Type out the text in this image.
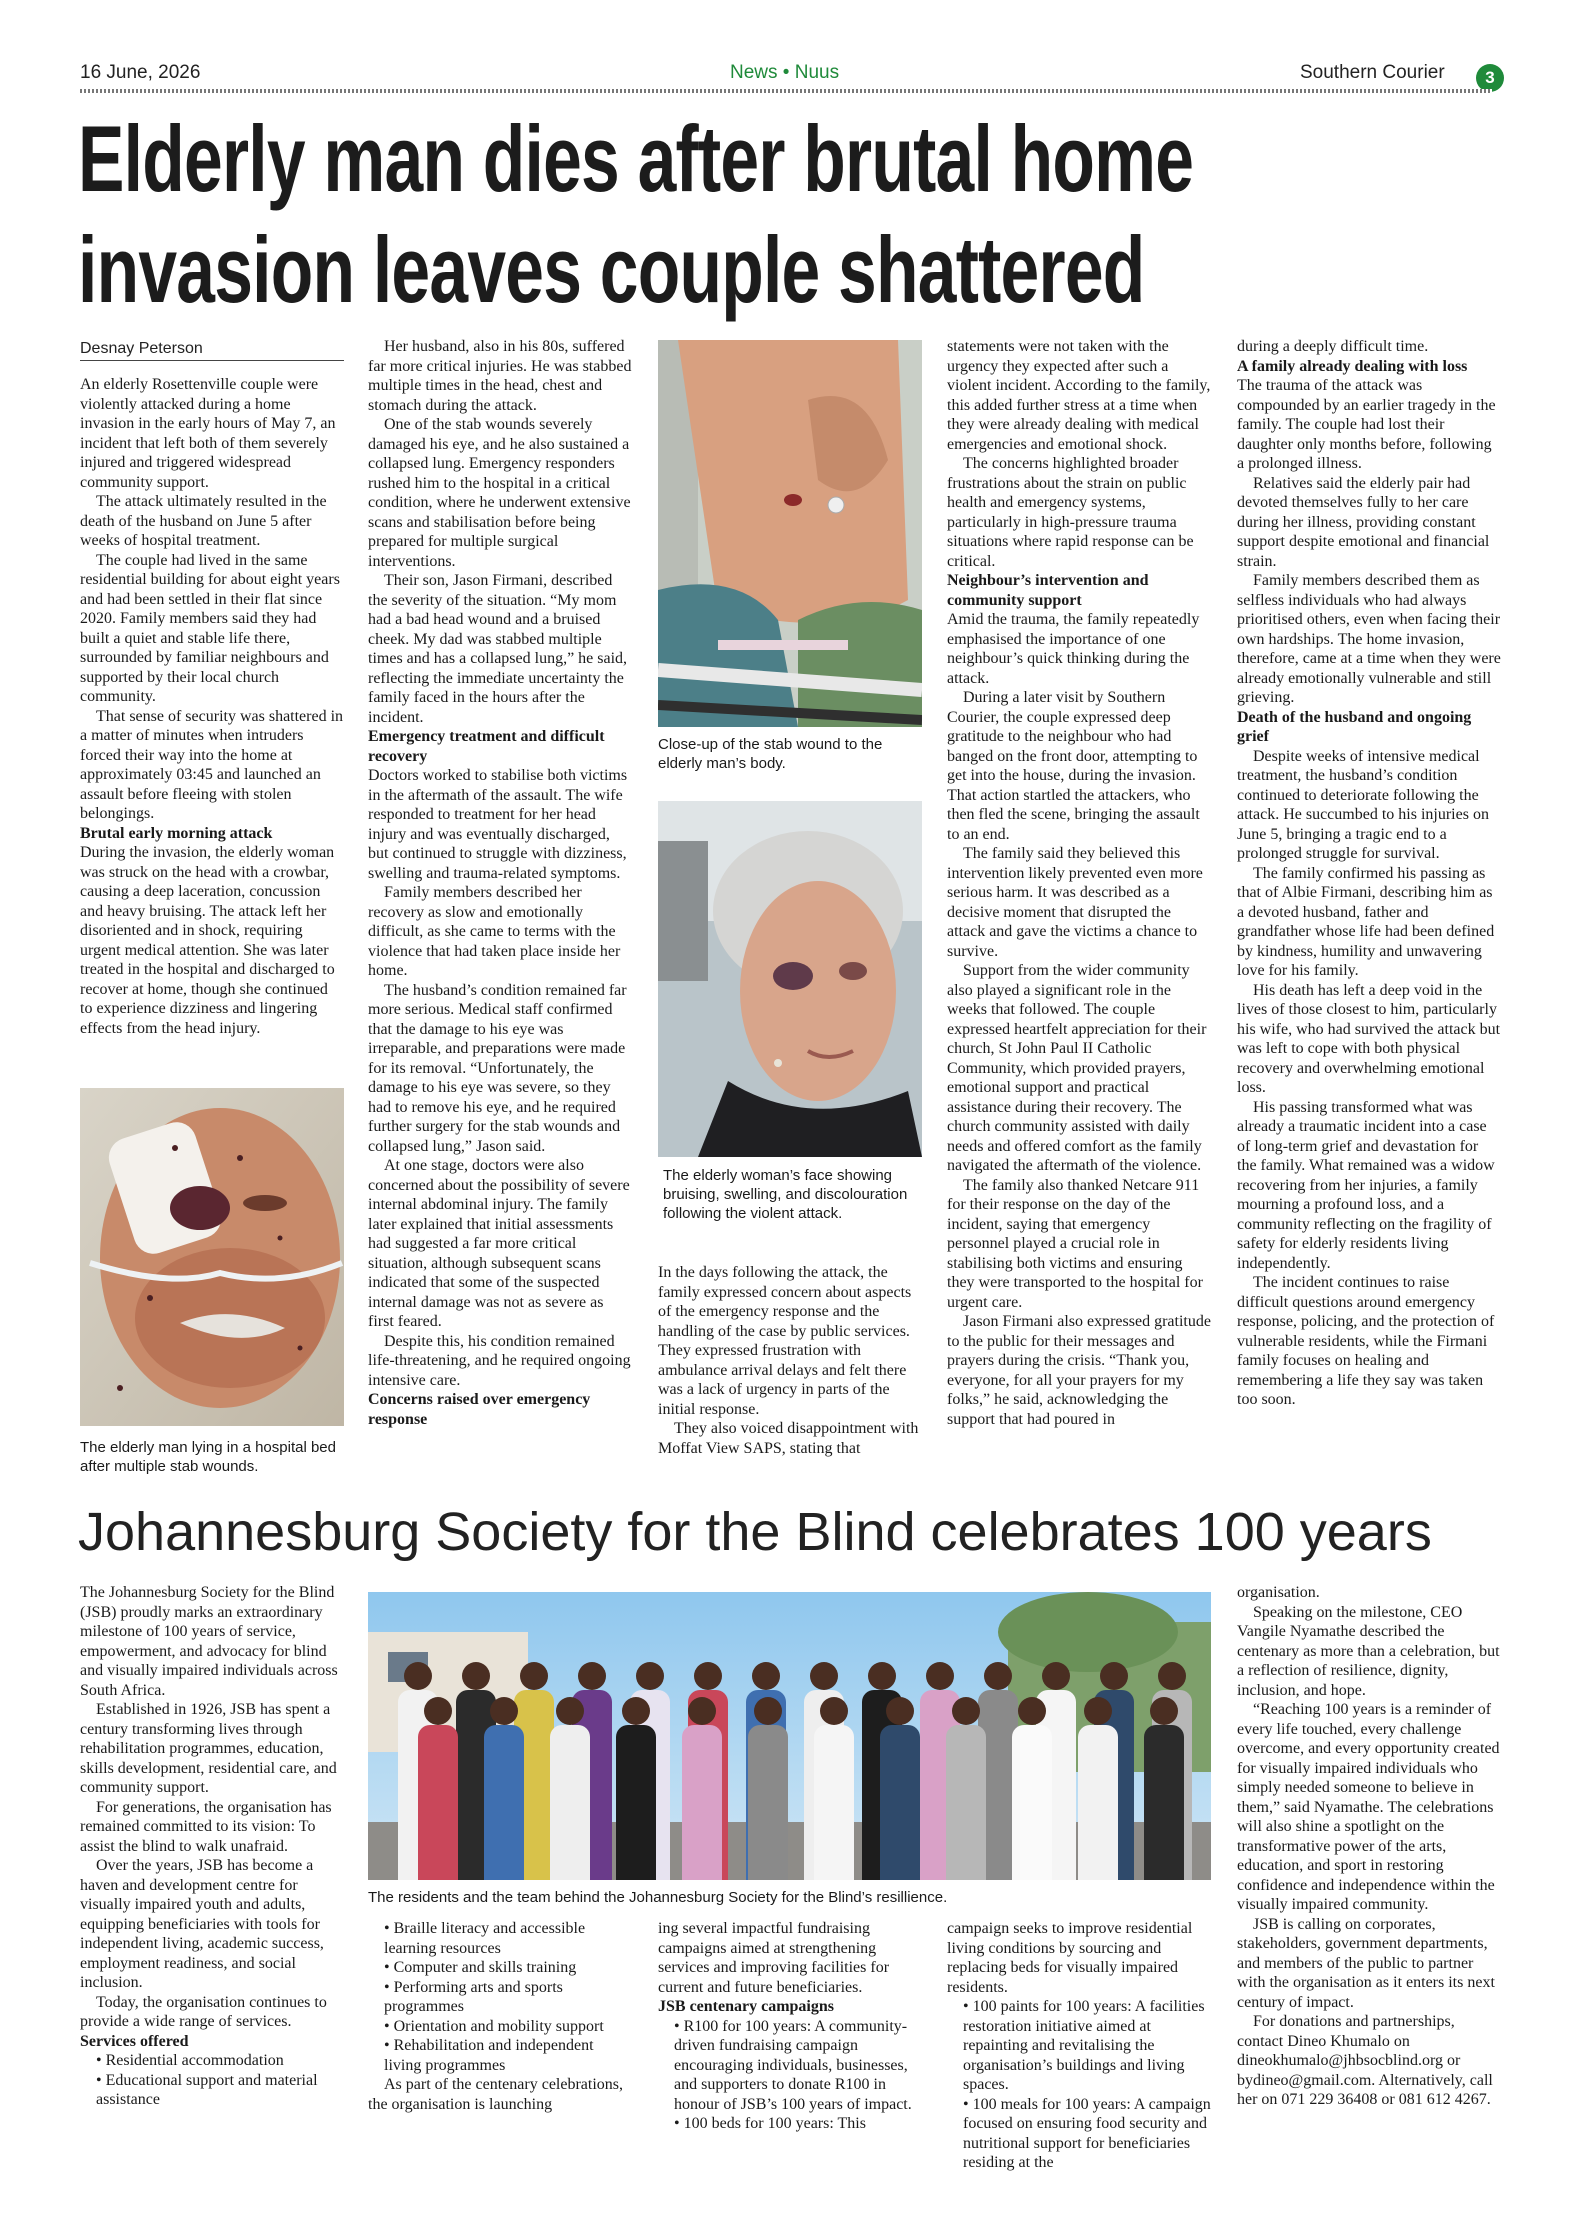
16 June, 2026	News • Nuus	Southern Courier	3
Elderly man dies after brutal home
invasion leaves couple shattered
Desnay Peterson

An elderly Rosettenville couple were violently attacked during a home invasion in the early hours of May 7, an incident that left both of them severely injured and triggered widespread community support.

The attack ultimately resulted in the death of the husband on June 5 after weeks of hospital treatment.

The couple had lived in the same residential building for about eight years and had been settled in their flat since 2020. Family members said they had built a quiet and stable life there, surrounded by familiar neighbours and supported by their local church community.

That sense of security was shattered in a matter of minutes when intruders forced their way into the home at approximately 03:45 and launched an assault before fleeing with stolen belongings.

Brutal early morning attack

During the invasion, the elderly woman was struck on the head with a crowbar, causing a deep laceration, concussion and heavy bruising. The attack left her disoriented and in shock, requiring urgent medical attention. She was later treated in the hospital and discharged to recover at home, though she continued to experience dizziness and lingering effects from the head injury.

Her husband, also in his 80s, suffered far more critical injuries. He was stabbed multiple times in the head, chest and stomach during the attack.

One of the stab wounds severely damaged his eye, and he also sustained a collapsed lung. Emergency responders rushed him to the hospital in a critical condition, where he underwent extensive scans and stabilisation before being prepared for multiple surgical interventions.

Their son, Jason Firmani, described the severity of the situation. “My mom had a bad head wound and a bruised cheek. My dad was stabbed multiple times and has a collapsed lung,” he said, reflecting the immediate uncertainty the family faced in the hours after the incident.

Emergency treatment and difficult recovery

Doctors worked to stabilise both victims in the aftermath of the assault. The wife responded to treatment for her head injury and was eventually discharged, but continued to struggle with dizziness, swelling and trauma-related symptoms.

Family members described her recovery as slow and emotionally difficult, as she came to terms with the violence that had taken place inside her home.

The husband’s condition remained far more serious. Medical staff confirmed that the damage to his eye was irreparable, and preparations were made for its removal. “Unfortunately, the damage to his eye was severe, so they had to remove his eye, and he required further surgery for the stab wounds and collapsed lung,” Jason said.

At one stage, doctors were also concerned about the possibility of severe internal abdominal injury. The family later explained that initial assessments had suggested a far more critical situation, although subsequent scans indicated that some of the suspected internal damage was not as severe as first feared.

Despite this, his condition remained life-threatening, and he required ongoing intensive care.

Concerns raised over emergency response

In the days following the attack, the family expressed concern about aspects of the emergency response and the handling of the case by public services. They expressed frustration with ambulance arrival delays and felt there was a lack of urgency in parts of the initial response.

They also voiced disappointment with Moffat View SAPS, stating that

statements were not taken with the urgency they expected after such a violent incident. According to the family, this added further stress at a time when they were already dealing with medical emergencies and emotional shock.

The concerns highlighted broader frustrations about the strain on public health and emergency systems, particularly in high-pressure trauma situations where rapid response can be critical.

Neighbour’s intervention and community support

Amid the trauma, the family repeatedly emphasised the importance of one neighbour’s quick thinking during the attack.

During a later visit by Southern Courier, the couple expressed deep gratitude to the neighbour who had banged on the front door, attempting to get into the house, during the invasion. That action startled the attackers, who then fled the scene, bringing the assault to an end.

The family said they believed this intervention likely prevented even more serious harm. It was described as a decisive moment that disrupted the attack and gave the victims a chance to survive.

Support from the wider community also played a significant role in the weeks that followed. The couple expressed heartfelt appreciation for their church, St John Paul II Catholic Community, which provided prayers, emotional support and practical assistance during their recovery. The church community assisted with daily needs and offered comfort as the family navigated the aftermath of the violence.

The family also thanked Netcare 911 for their response on the day of the incident, saying that emergency personnel played a crucial role in stabilising both victims and ensuring they were transported to the hospital for urgent care.

Jason Firmani also expressed gratitude to the public for their messages and prayers during the crisis. “Thank you, everyone, for all your prayers for my folks,” he said, acknowledging the support that had poured in

during a deeply difficult time.

A family already dealing with loss

The trauma of the attack was compounded by an earlier tragedy in the family. The couple had lost their daughter only months before, following a prolonged illness.

Relatives said the elderly pair had devoted themselves fully to her care during her illness, providing constant support despite emotional and financial strain.

Family members described them as selfless individuals who had always prioritised others, even when facing their own hardships. The home invasion, therefore, came at a time when they were already emotionally vulnerable and still grieving.

Death of the husband and ongoing grief

Despite weeks of intensive medical treatment, the husband’s condition continued to deteriorate following the attack. He succumbed to his injuries on June 5, bringing a tragic end to a prolonged struggle for survival.

The family confirmed his passing as that of Albie Firmani, describing him as a devoted husband, father and grandfather whose life had been defined by kindness, humility and unwavering love for his family.

His death has left a deep void in the lives of those closest to him, particularly his wife, who had survived the attack but was left to cope with both physical recovery and overwhelming emotional loss.

His passing transformed what was already a traumatic incident into a case of long-term grief and devastation for the family. What remained was a widow recovering from her injuries, a family mourning a profound loss, and a community reflecting on the fragility of safety for elderly residents living independently.

The incident continues to raise difficult questions around emergency response, policing, and the protection of vulnerable residents, while the Firmani family focuses on healing and remembering a life they say was taken too soon.

The elderly man lying in a hospital bed after multiple stab wounds.
Close-up of the stab wound to the elderly man’s body.
The elderly woman’s face showing bruising, swelling, and discolouration following the violent attack.
Johannesburg Society for the Blind celebrates 100 years

The Johannesburg Society for the Blind (JSB) proudly marks an extraordinary milestone of 100 years of service, empowerment, and advocacy for blind and visually impaired individuals across South Africa.

Established in 1926, JSB has spent a century transforming lives through rehabilitation programmes, education, skills development, residential care, and community support.

For generations, the organisation has remained committed to its vision: To assist the blind to walk unafraid.

Over the years, JSB has become a haven and development centre for visually impaired youth and adults, equipping beneficiaries with tools for independent living, academic success, employment readiness, and social inclusion.

Today, the organisation continues to provide a wide range of services.

Services offered

• Residential accommodation

• Educational support and material assistance

• Braille literacy and accessible learning resources

• Computer and skills training

• Performing arts and sports programmes

• Orientation and mobility support

• Rehabilitation and independent living programmes

As part of the centenary celebrations, the organisation is launching

ing several impactful fundraising campaigns aimed at strengthening services and improving facilities for current and future beneficiaries.

JSB centenary campaigns

• R100 for 100 years: A community-driven fundraising campaign encouraging individuals, businesses, and supporters to donate R100 in honour of JSB’s 100 years of impact.

• 100 beds for 100 years: This

campaign seeks to improve residential living conditions by sourcing and replacing beds for visually impaired residents.

• 100 paints for 100 years: A facilities restoration initiative aimed at repainting and revitalising the organisation’s buildings and living spaces.

• 100 meals for 100 years: A campaign focused on ensuring food security and nutritional support for beneficiaries residing at the

organisation.

Speaking on the milestone, CEO Vangile Nyamathe described the centenary as more than a celebration, but a reflection of resilience, dignity, inclusion, and hope.

“Reaching 100 years is a reminder of every life touched, every challenge overcome, and every opportunity created for visually impaired individuals who simply needed someone to believe in them,” said Nyamathe. The celebrations will also shine a spotlight on the transformative power of the arts, education, and sport in restoring confidence and independence within the visually impaired community.

JSB is calling on corporates, stakeholders, government departments, and members of the public to partner with the organisation as it enters its next century of impact.

For donations and partnerships, contact Dineo Khumalo on dineokhumalo@jhbsocblind.org or bydineo@gmail.com. Alternatively, call her on 071 229 36408 or 081 612 4267.

The residents and the team behind the Johannesburg Society for the Blind’s resillience.
